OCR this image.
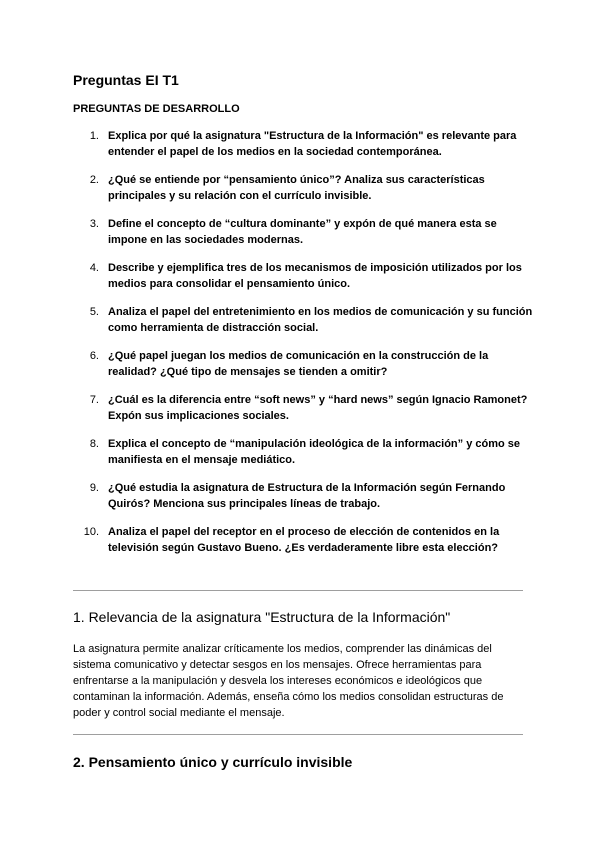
Preguntas EI T1
PREGUNTAS DE DESARROLLO
1. Explica por qué la asignatura "Estructura de la Información" es relevante para entender el papel de los medios en la sociedad contemporánea.
2. ¿Qué se entiende por “pensamiento único”? Analiza sus características principales y su relación con el currículo invisible.
3. Define el concepto de “cultura dominante” y expón de qué manera esta se impone en las sociedades modernas.
4. Describe y ejemplifica tres de los mecanismos de imposición utilizados por los medios para consolidar el pensamiento único.
5. Analiza el papel del entretenimiento en los medios de comunicación y su función como herramienta de distracción social.
6. ¿Qué papel juegan los medios de comunicación en la construcción de la realidad? ¿Qué tipo de mensajes se tienden a omitir?
7. ¿Cuál es la diferencia entre “soft news” y “hard news” según Ignacio Ramonet? Expón sus implicaciones sociales.
8. Explica el concepto de “manipulación ideológica de la información” y cómo se manifiesta en el mensaje mediático.
9. ¿Qué estudia la asignatura de Estructura de la Información según Fernando Quirós? Menciona sus principales líneas de trabajo.
10. Analiza el papel del receptor en el proceso de elección de contenidos en la televisión según Gustavo Bueno. ¿Es verdaderamente libre esta elección?
1. Relevancia de la asignatura "Estructura de la Información"

La asignatura permite analizar críticamente los medios, comprender las dinámicas del sistema comunicativo y detectar sesgos en los mensajes. Ofrece herramientas para enfrentarse a la manipulación y desvela los intereses económicos e ideológicos que contaminan la información. Además, enseña cómo los medios consolidan estructuras de poder y control social mediante el mensaje.

2. Pensamiento único y currículo invisible
